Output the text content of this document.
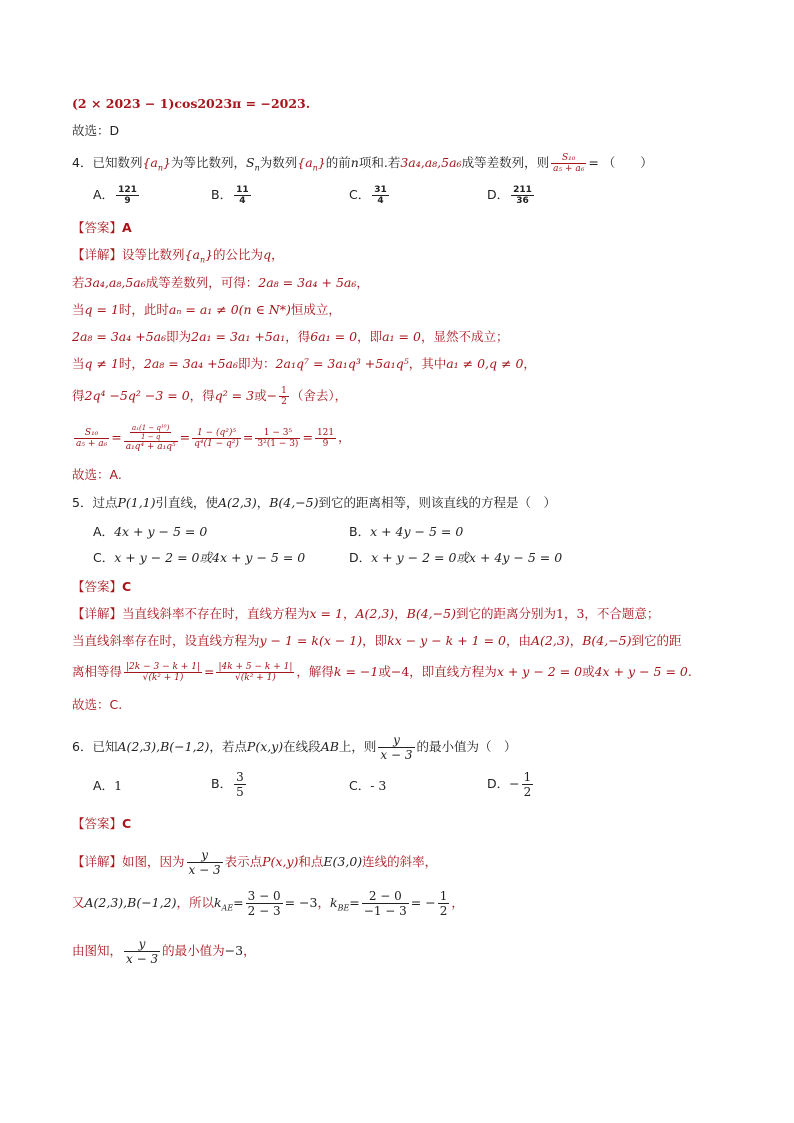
(2 × 2023 − 1)cos2023π = −2023.
故选：D
4．已知数列$\{a_n\}$为等比数列，$S_n$为数列$\{a_n\}$的前n项和.若3a₄,a₈,5a₆成等差数列，则 $\frac{\text{S₁₀}}{\text{a₅ + a₆}}$ = （　　）
A． $\frac{121}{9}$	B． $\frac{11}{4}$	C． $\frac{31}{4}$	D． $\frac{211}{36}$
【答案】A
【详解】设等比数列$\{a_n\}$的公比为q，
若3a₄,a₈,5a₆成等差数列，可得：2a₈ = 3a₄ + 5a₆，
当q = 1时，此时aₙ = a₁ ≠ 0(n ∈ N*)恒成立，
2a₈ = 3a₄ +5a₆即为2a₁ = 3a₁ +5a₁，得6a₁ = 0，即a₁ = 0，显然不成立；
当q ≠ 1时，2a₈ = 3a₄ +5a₆即为：2a₁q⁷ = 3a₁q³ +5a₁q⁵，其中a₁ ≠ 0,q ≠ 0，
得2q⁴ −5q² −3 = 0，得q² = 3或− $\frac{1}{2}$ （舍去），
$\frac{\text{S₁₀}}{\text{a₅ + a₆}} = \frac{\frac{\text{a₁(1 − q¹⁰)}}{1 - q}}{\text{a₁q⁴ + a₁q⁵}} = \frac{\text{1 − (q²)⁵}}{\text{q⁴(1 − q²)}} = \frac{\text{1 − 3⁵}}{\text{3²(1 − 3)}} = \frac{121}{9}$ ，
故选：A.
5．过点P(1,1)引直线，使A(2,3)，B(4,−5)到它的距离相等，则该直线的方程是（　）
A．4x + y − 5 = 0	B．x + 4y − 5 = 0
C．x + y − 2 = 0或4x + y − 5 = 0	D．x + y − 2 = 0或x + 4y − 5 = 0
【答案】C
【详解】当直线斜率不存在时，直线方程为x = 1，A(2,3)，B(4,−5)到它的距离分别为1，3，不合题意；
当直线斜率存在时，设直线方程为y − 1 = k(x − 1)，即kx − y − k + 1 = 0，由A(2,3)，B(4,−5)到它的距
离相等得 $\frac{|2k - 3 - k + 1|}{\text{√(k² + 1)}} = \frac{|4k + 5 - k + 1|}{\text{√(k² + 1)}}$ ，解得k = −1或−4，即直线方程为x + y − 2 = 0或4x + y − 5 = 0.
故选：C.
6．已知A(2,3),B(−1,2)，若点P(x,y)在线段AB上，则 $\frac{y}{x - 3}$ 的最小值为（　）
A．1	B． $\frac{3}{5}$	C．- 3	D．− $\frac{1}{2}$
【答案】C
【详解】如图，因为 $\frac{y}{x - 3}$ 表示点P(x,y)和点E(3,0)连线的斜率，
又A(2,3),B(−1,2)，所以$k_{AE}= \frac{3 - 0}{2 - 3} = -3$，$k_{BE}= \frac{2 - 0}{-1 - 3}$ = − $\frac{1}{2}$ ，
由图知， $\frac{y}{x - 3}$ 的最小值为−3，
